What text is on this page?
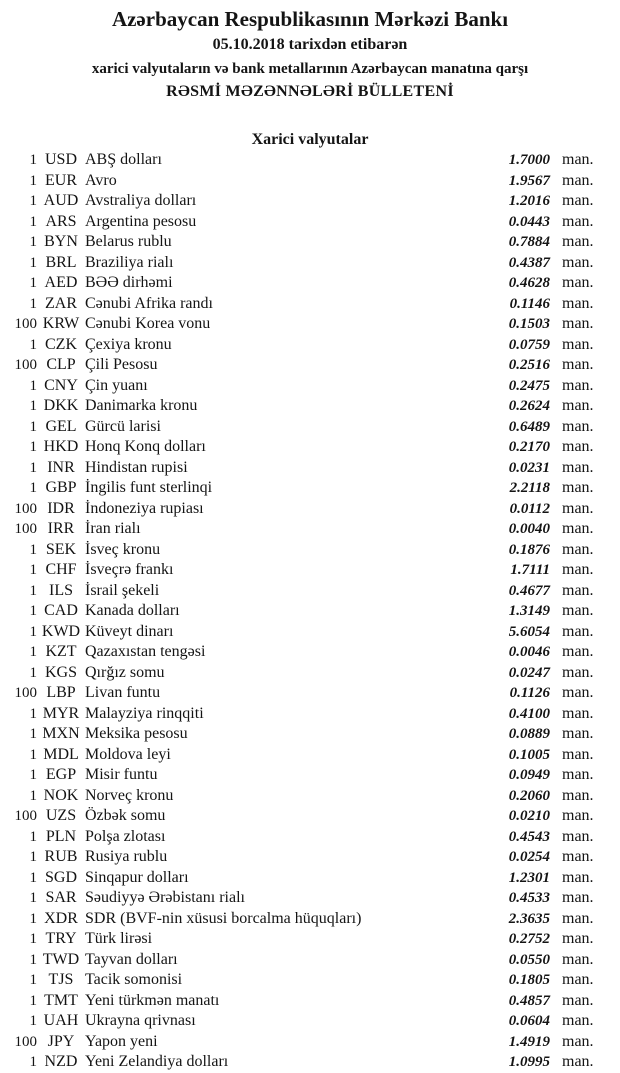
Azərbaycan Respublikasının Mərkəzi Bankı
05.10.2018 tarixdən etibarən
xarici valyutaların və bank metallarının Azərbaycan manatına qarşı
RƏSMİ MƏZƏNNƏLƏRİ BÜLLETENİ
Xarici valyutalar
1 USD ABŞ dolları	1.7000 man.
1 EUR Avro	1.9567 man.
1 AUD Avstraliya dolları	1.2016 man.
1 ARS Argentina pesosu	0.0443 man.
1 BYN Belarus rublu	0.7884 man.
1 BRL Braziliya rialı	0.4387 man.
1 AED BƏƏ dirhəmi	0.4628 man.
1 ZAR Cənubi Afrika randı	0.1146 man.
100 KRW Cənubi Korea vonu	0.1503 man.
1 CZK Çexiya kronu	0.0759 man.
100 CLP Çili Pesosu	0.2516 man.
1 CNY Çin yuanı	0.2475 man.
1 DKK Danimarka kronu	0.2624 man.
1 GEL Gürcü larisi	0.6489 man.
1 HKD Honq Konq dolları	0.2170 man.
1 INR Hindistan rupisi	0.0231 man.
1 GBP İngilis funt sterlinqi	2.2118 man.
100 IDR İndoneziya rupiası	0.0112 man.
100 IRR İran rialı	0.0040 man.
1 SEK İsveç kronu	0.1876 man.
1 CHF İsveçrə frankı	1.7111 man.
1 ILS İsrail şekeli	0.4677 man.
1 CAD Kanada dolları	1.3149 man.
1 KWD Küveyt dinarı	5.6054 man.
1 KZT Qazaxıstan tengəsi	0.0046 man.
1 KGS Qırğız somu	0.0247 man.
100 LBP Livan funtu	0.1126 man.
1 MYR Malayziya rinqqiti	0.4100 man.
1 MXN Meksika pesosu	0.0889 man.
1 MDL Moldova leyi	0.1005 man.
1 EGP Misir funtu	0.0949 man.
1 NOK Norveç kronu	0.2060 man.
100 UZS Özbək somu	0.0210 man.
1 PLN Polşa zlotası	0.4543 man.
1 RUB Rusiya rublu	0.0254 man.
1 SGD Sinqapur dolları	1.2301 man.
1 SAR Səudiyyə Ərəbistanı rialı	0.4533 man.
1 XDR SDR (BVF-nin xüsusi borcalma hüquqları)	2.3635 man.
1 TRY Türk lirəsi	0.2752 man.
1 TWD Tayvan dolları	0.0550 man.
1 TJS Tacik somonisi	0.1805 man.
1 TMT Yeni türkmən manatı	0.4857 man.
1 UAH Ukrayna qrivnası	0.0604 man.
100 JPY Yapon yeni	1.4919 man.
1 NZD Yeni Zelandiya dolları	1.0995 man.
